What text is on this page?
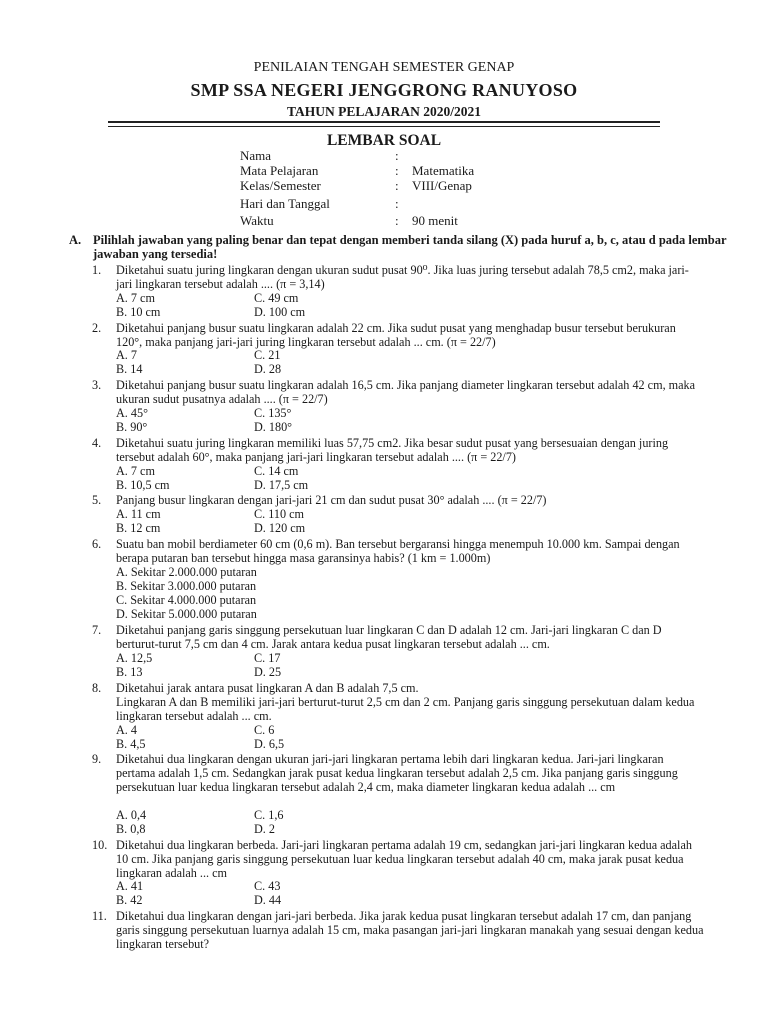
PENILAIAN TENGAH SEMESTER GENAP
SMP SSA NEGERI JENGGRONG RANUYOSO
TAHUN PELAJARAN 2020/2021
LEMBAR SOAL
Nama	:
Mata Pelajaran	: Matematika
Kelas/Semester	: VIII/Genap
Hari dan Tanggal	:
Waktu	: 90 menit
A. Pilihlah jawaban yang paling benar dan tepat dengan memberi tanda silang (X) pada huruf a, b, c, atau d pada lembar jawaban yang tersedia!
1. Diketahui suatu juring lingkaran dengan ukuran sudut pusat 90⁰. Jika luas juring tersebut adalah 78,5 cm2, maka jari-jari lingkaran tersebut adalah .... (π = 3,14)
A. 7 cm	C. 49 cm
B. 10 cm	D. 100 cm
2. Diketahui panjang busur suatu lingkaran adalah 22 cm. Jika sudut pusat yang menghadap busur tersebut berukuran 120°, maka panjang jari-jari juring lingkaran tersebut adalah ... cm. (π = 22/7)
A. 7	C. 21
B. 14	D. 28
3. Diketahui panjang busur suatu lingkaran adalah 16,5 cm. Jika panjang diameter lingkaran tersebut adalah 42 cm, maka ukuran sudut pusatnya adalah .... (π = 22/7)
A. 45°	C. 135°
B. 90°	D. 180°
4. Diketahui suatu juring lingkaran memiliki luas 57,75 cm2. Jika besar sudut pusat yang bersesuaian dengan juring tersebut adalah 60°, maka panjang jari-jari lingkaran tersebut adalah .... (π = 22/7)
A. 7 cm	C. 14 cm
B. 10,5 cm	D. 17,5 cm
5. Panjang busur lingkaran dengan jari-jari 21 cm dan sudut pusat 30° adalah .... (π = 22/7)
A. 11 cm	C. 110 cm
B. 12 cm	D. 120 cm
6. Suatu ban mobil berdiameter 60 cm (0,6 m). Ban tersebut bergaransi hingga menempuh 10.000 km. Sampai dengan berapa putaran ban tersebut hingga masa garansinya habis? (1 km = 1.000m)
A. Sekitar 2.000.000 putaran
B. Sekitar 3.000.000 putaran
C. Sekitar 4.000.000 putaran
D. Sekitar 5.000.000 putaran
7. Diketahui panjang garis singgung persekutuan luar lingkaran C dan D adalah 12 cm. Jari-jari lingkaran C dan D berturut-turut 7,5 cm dan 4 cm. Jarak antara kedua pusat lingkaran tersebut adalah ... cm.
A. 12,5	C. 17
B. 13	D. 25
8. Diketahui jarak antara pusat lingkaran A dan B adalah 7,5 cm.
Lingkaran A dan B memiliki jari-jari berturut-turut 2,5 cm dan 2 cm. Panjang garis singgung persekutuan dalam kedua lingkaran tersebut adalah ... cm.
A. 4	C. 6
B. 4,5	D. 6,5
9. Diketahui dua lingkaran dengan ukuran jari-jari lingkaran pertama lebih dari lingkaran kedua. Jari-jari lingkaran pertama adalah 1,5 cm. Sedangkan jarak pusat kedua lingkaran tersebut adalah 2,5 cm. Jika panjang garis singgung persekutuan luar kedua lingkaran tersebut adalah 2,4 cm, maka diameter lingkaran kedua adalah ... cm
A. 0,4	C. 1,6
B. 0,8	D. 2
10. Diketahui dua lingkaran berbeda. Jari-jari lingkaran pertama adalah 19 cm, sedangkan jari-jari lingkaran kedua adalah 10 cm. Jika panjang garis singgung persekutuan luar kedua lingkaran tersebut adalah 40 cm, maka jarak pusat kedua lingkaran adalah ... cm
A. 41	C. 43
B. 42	D. 44
11. Diketahui dua lingkaran dengan jari-jari berbeda. Jika jarak kedua pusat lingkaran tersebut adalah 17 cm, dan panjang garis singgung persekutuan luarnya adalah 15 cm, maka pasangan jari-jari lingkaran manakah yang sesuai dengan kedua lingkaran tersebut?
